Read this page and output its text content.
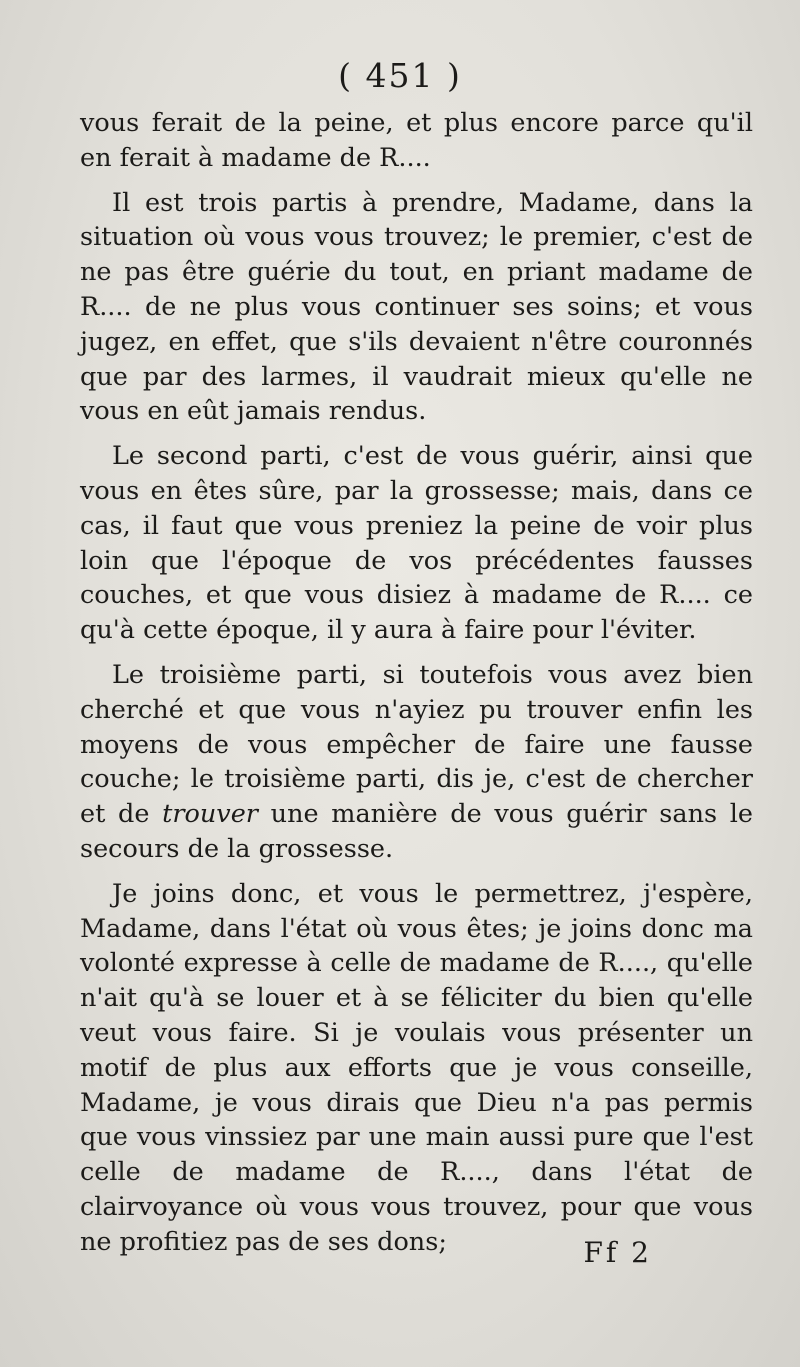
( 451 )

vous ferait de la peine, et plus encore parce qu'il en ferait à madame de R....

Il est trois partis à prendre, Madame, dans la situation où vous vous trouvez; le premier, c'est de ne pas être guérie du tout, en priant madame de R.... de ne plus vous continuer ses soins; et vous jugez, en effet, que s'ils devaient n'être couronnés que par des larmes, il vaudrait mieux qu'elle ne vous en eût jamais rendus.

Le second parti, c'est de vous guérir, ainsi que vous en êtes sûre, par la grossesse; mais, dans ce cas, il faut que vous preniez la peine de voir plus loin que l'époque de vos précédentes fausses couches, et que vous disiez à madame de R.... ce qu'à cette époque, il y aura à faire pour l'éviter.

Le troisième parti, si toutefois vous avez bien cherché et que vous n'ayiez pu trouver enfin les moyens de vous empêcher de faire une fausse couche; le troisième parti, dis je, c'est de chercher et de trouver une manière de vous guérir sans le secours de la grossesse.

Je joins donc, et vous le permettrez, j'espère, Madame, dans l'état où vous êtes; je joins donc ma volonté expresse à celle de madame de R...., qu'elle n'ait qu'à se louer et à se féliciter du bien qu'elle veut vous faire. Si je voulais vous présenter un motif de plus aux efforts que je vous conseille, Madame, je vous dirais que Dieu n'a pas permis que vous vinssiez par une main aussi pure que l'est celle de madame de R...., dans l'état de clairvoyance où vous vous trouvez, pour que vous ne profitiez pas de ses dons;	Ff 2
